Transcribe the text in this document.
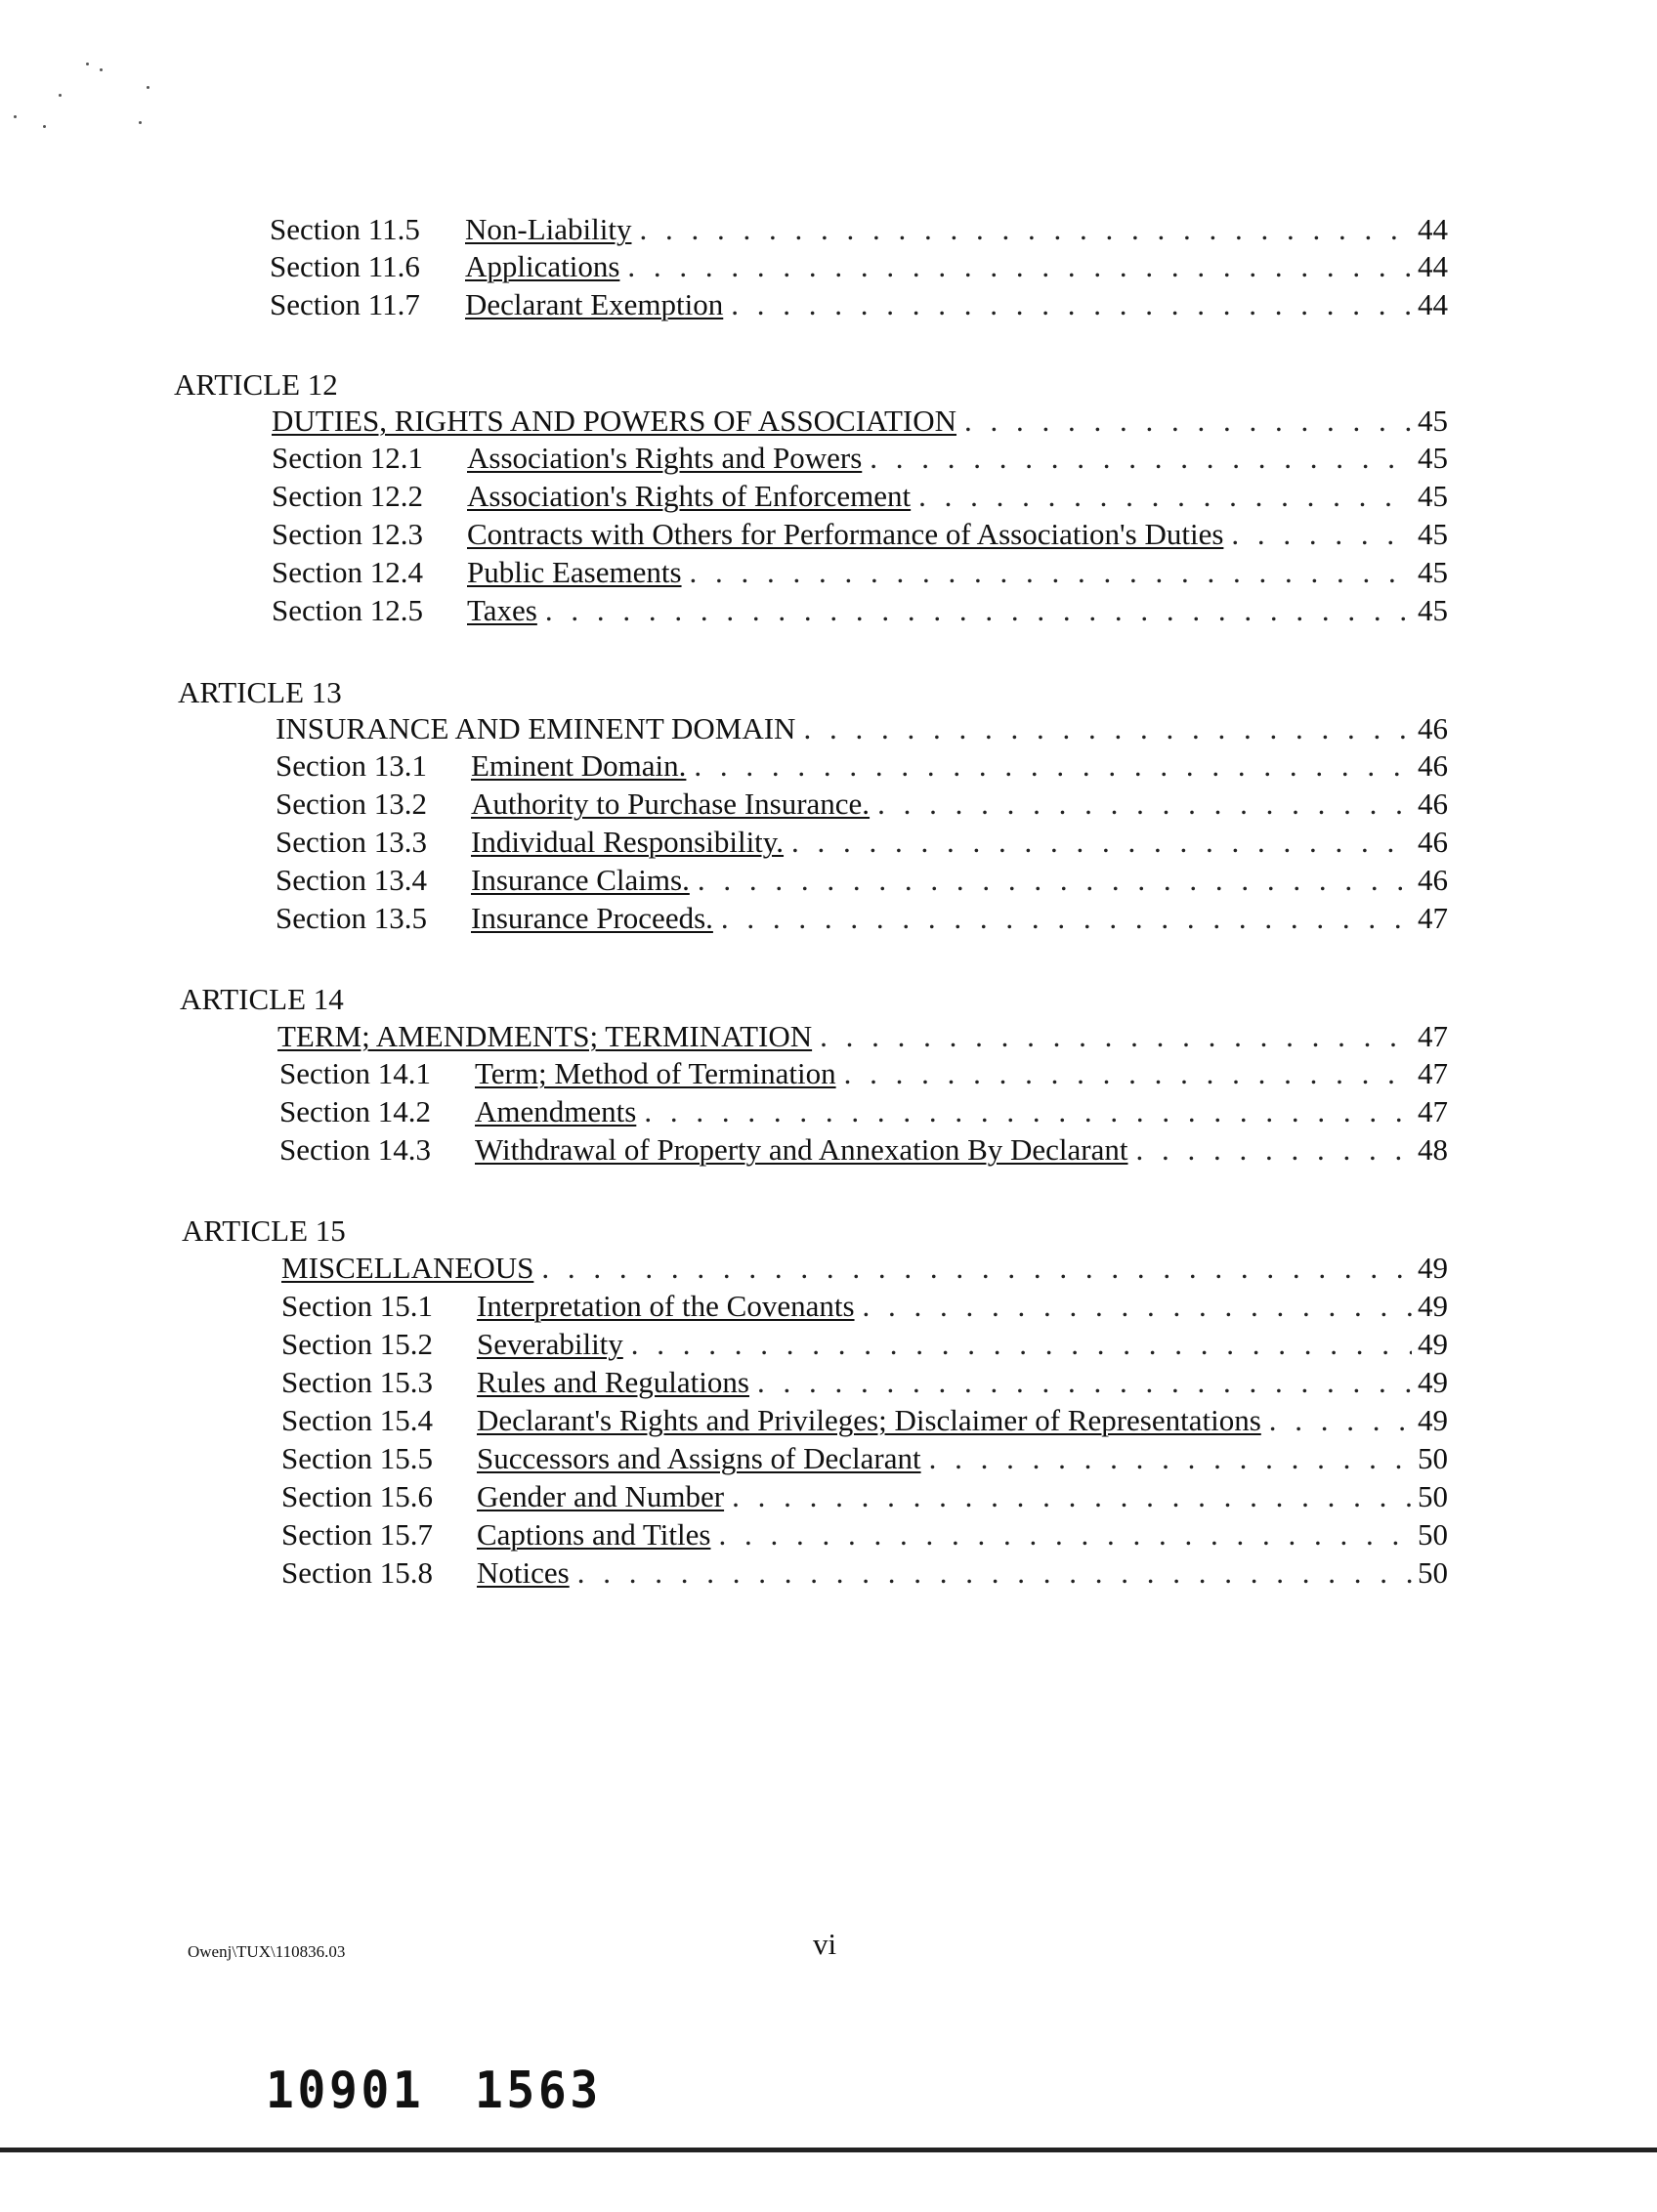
Section 11.5	Non-Liability . . .	44
Section 11.6	Applications . . .	44
Section 11.7	Declarant Exemption . . .	44
ARTICLE 12
DUTIES, RIGHTS AND POWERS OF ASSOCIATION . . .	45
Section 12.1	Association's Rights and Powers . . .	45
Section 12.2	Association's Rights of Enforcement . . .	45
Section 12.3	Contracts with Others for Performance of Association's Duties . . .	45
Section 12.4	Public Easements . . .	45
Section 12.5	Taxes . . .	45
ARTICLE 13
INSURANCE AND EMINENT DOMAIN . . .	46
Section 13.1	Eminent Domain. . . .	46
Section 13.2	Authority to Purchase Insurance. . . .	46
Section 13.3	Individual Responsibility. . . .	46
Section 13.4	Insurance Claims. . . .	46
Section 13.5	Insurance Proceeds. . . .	47
ARTICLE 14
TERM; AMENDMENTS; TERMINATION . . .	47
Section 14.1	Term; Method of Termination . . .	47
Section 14.2	Amendments . . .	47
Section 14.3	Withdrawal of Property and Annexation By Declarant . . .	48
ARTICLE 15
MISCELLANEOUS . . .	49
Section 15.1	Interpretation of the Covenants . . .	49
Section 15.2	Severability . . .	49
Section 15.3	Rules and Regulations . . .	49
Section 15.4	Declarant's Rights and Privileges; Disclaimer of Representations . . .	49
Section 15.5	Successors and Assigns of Declarant . . .	50
Section 15.6	Gender and Number . . .	50
Section 15.7	Captions and Titles . . .	50
Section 15.8	Notices . . .	50
Owenj\TUX\110836.03	vi
10901 1563
